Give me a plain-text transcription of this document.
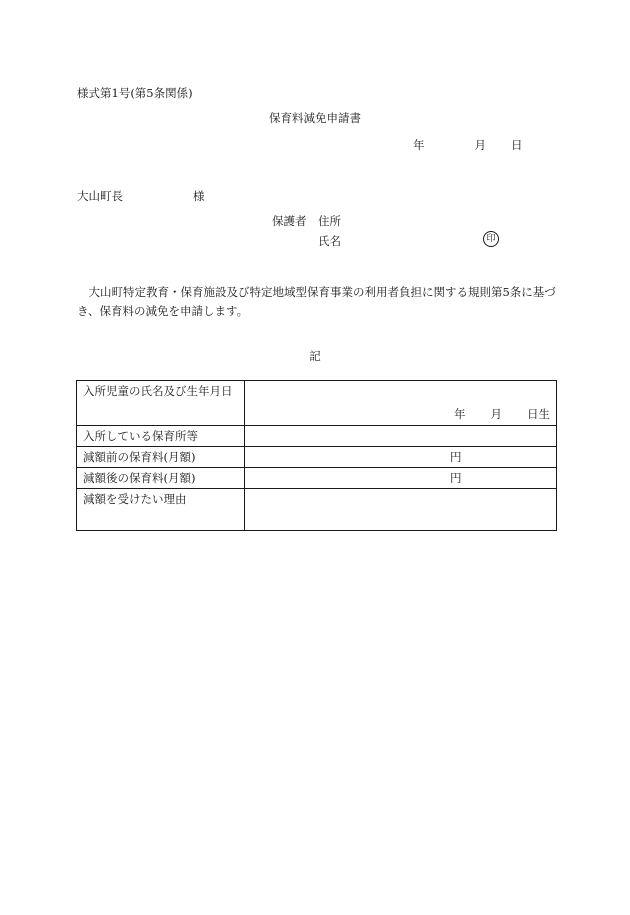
様式第1号(第5条関係)
保育料減免申請書
年	月 日
大山町長	様
保護者 住所
氏名	印
大山町特定教育・保育施設及び特定地域型保育事業の利用者負担に関する規則第5条に基づき、保育料の減免を申請します。
記
入所児童の氏名及び生年月日	年 月 日生

入所している保育所等	
減額前の保育料(月額)	円
減額後の保育料(月額)	円
減額を受けたい理由	
